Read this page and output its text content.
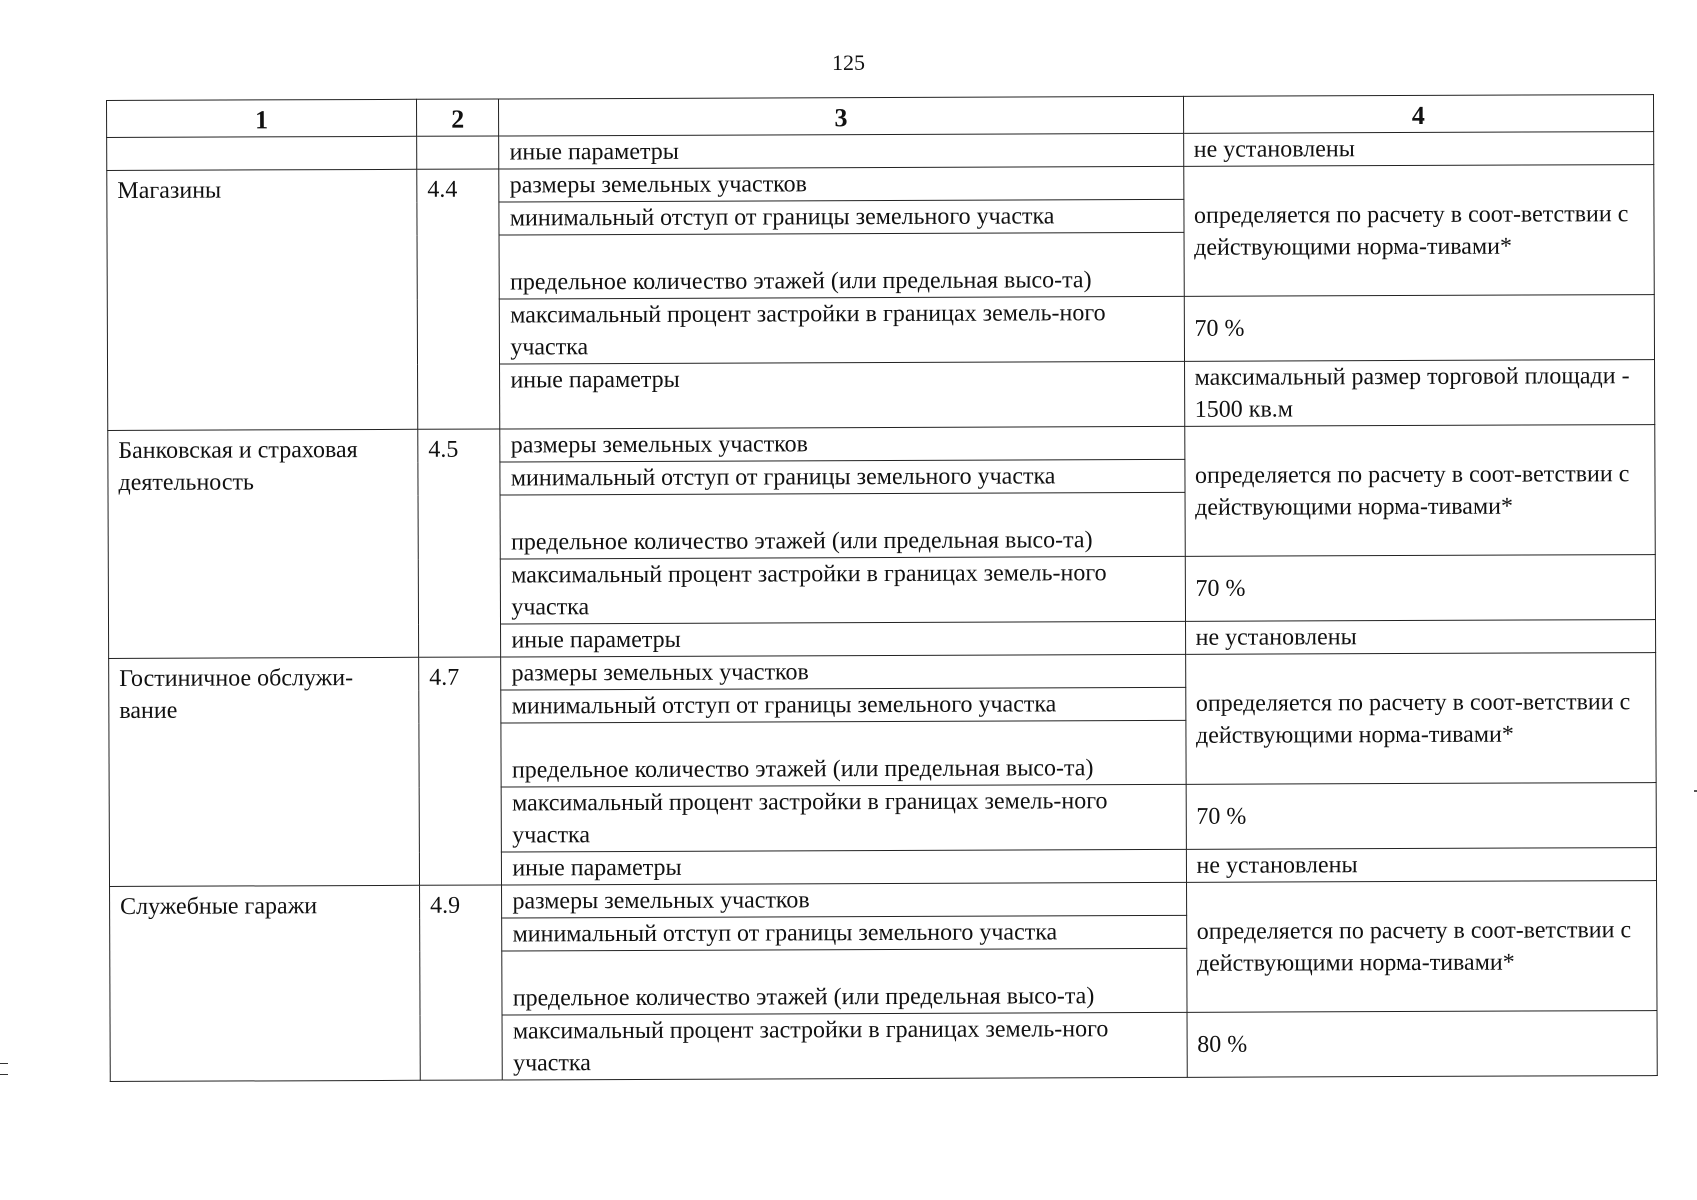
125
1	2	3	4
		иные параметры	не установлены
Магазины	4.4	размеры земельных участков	определяется по расчету в соот-ветствии с действующими норма-тивами*
		минимальный отступ от границы земельного участка	
		предельное количество этажей (или предельная высо-та)	
		максимальный процент застройки в границах земель-ного участка	70 %
		иные параметры	максимальный размер торговой площади - 1500 кв.м
Банковская и страховая деятельность	4.5	размеры земельных участков	определяется по расчету в соот-ветствии с действующими норма-тивами*
		минимальный отступ от границы земельного участка	
		предельное количество этажей (или предельная высо-та)	
		максимальный процент застройки в границах земель-ного участка	70 %
		иные параметры	не установлены
Гостиничное обслужи-вание	4.7	размеры земельных участков	определяется по расчету в соот-ветствии с действующими норма-тивами*
		минимальный отступ от границы земельного участка	
		предельное количество этажей (или предельная высо-та)	
		максимальный процент застройки в границах земель-ного участка	70 %
		иные параметры	не установлены
Служебные гаражи	4.9	размеры земельных участков	определяется по расчету в соот-ветствии с действующими норма-тивами*
		минимальный отступ от границы земельного участка	
		предельное количество этажей (или предельная высо-та)	
		максимальный процент застройки в границах земель-ного участка	80 %
